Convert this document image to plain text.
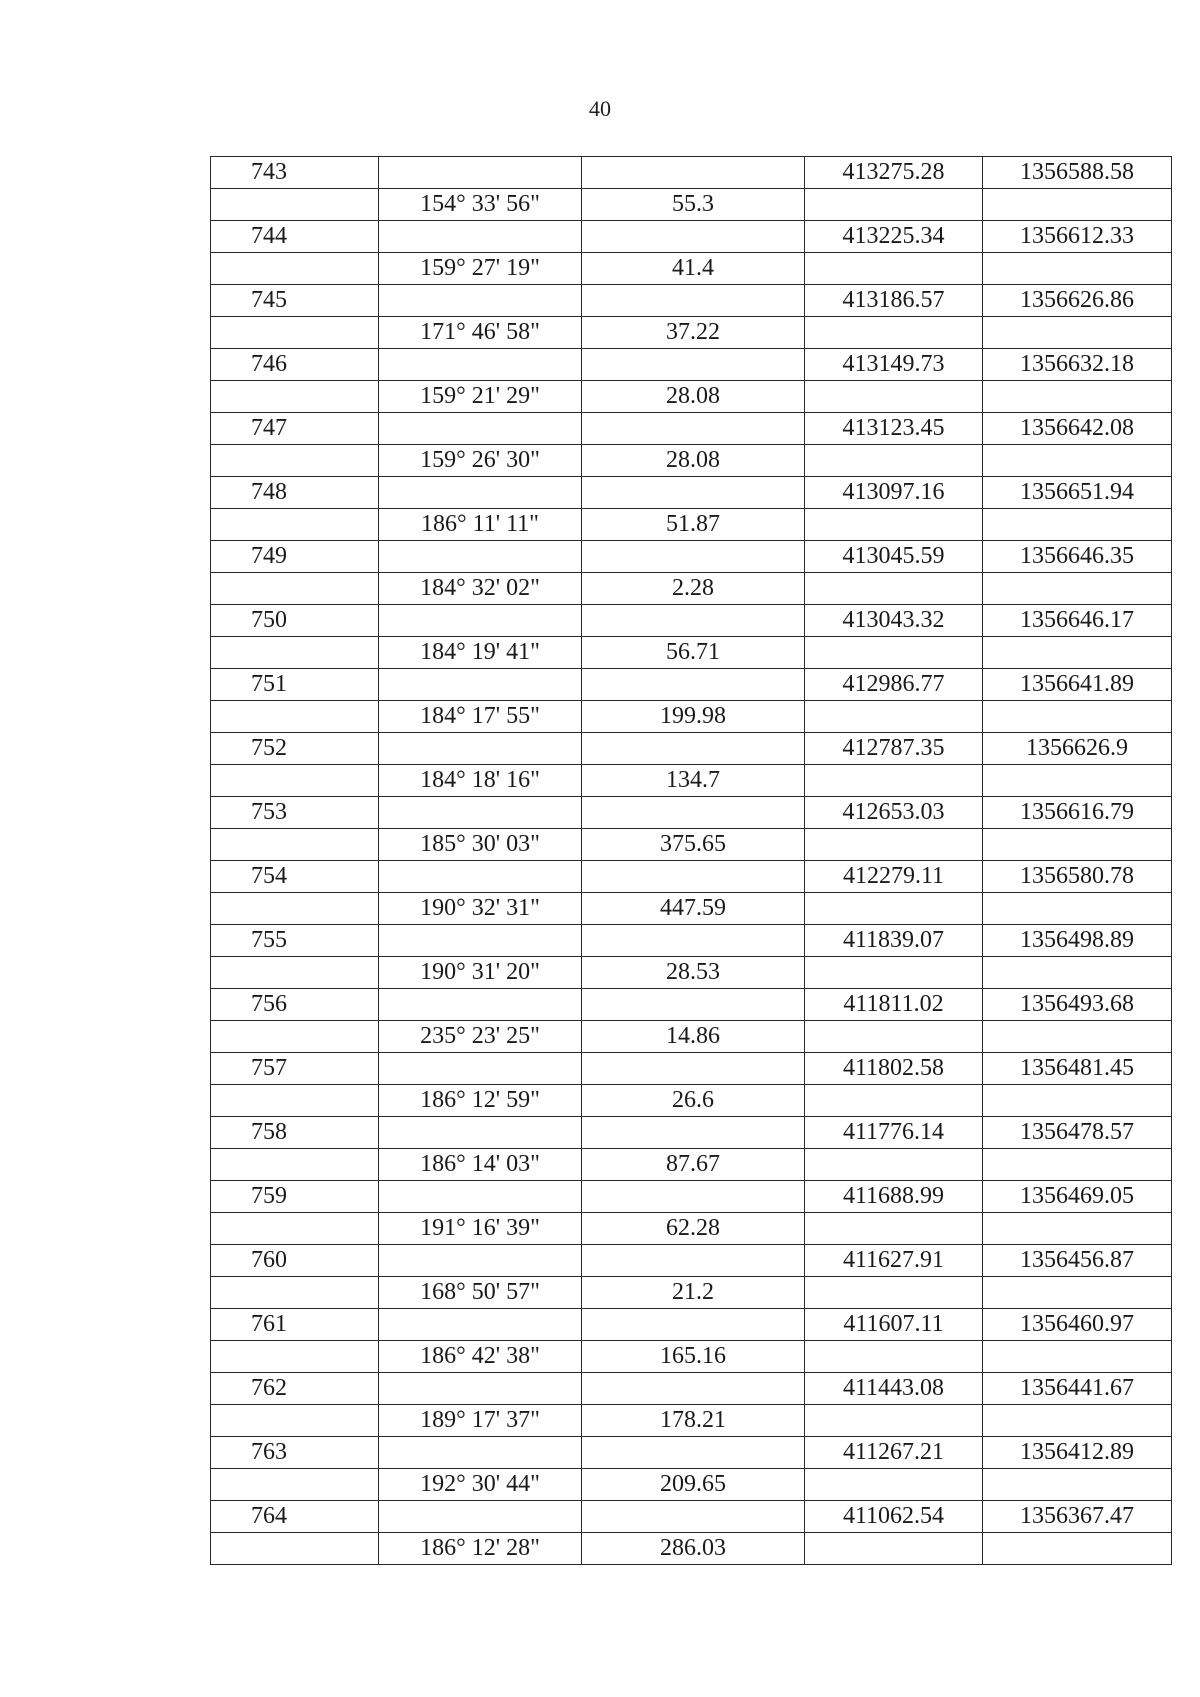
40
743			413275.28	1356588.58
	154° 33' 56"	55.3		
744			413225.34	1356612.33
	159° 27' 19"	41.4		
745			413186.57	1356626.86
	171° 46' 58"	37.22		
746			413149.73	1356632.18
	159° 21' 29"	28.08		
747			413123.45	1356642.08
	159° 26' 30"	28.08		
748			413097.16	1356651.94
	186° 11' 11"	51.87		
749			413045.59	1356646.35
	184° 32' 02"	2.28		
750			413043.32	1356646.17
	184° 19' 41"	56.71		
751			412986.77	1356641.89
	184° 17' 55"	199.98		
752			412787.35	1356626.9
	184° 18' 16"	134.7		
753			412653.03	1356616.79
	185° 30' 03"	375.65		
754			412279.11	1356580.78
	190° 32' 31"	447.59		
755			411839.07	1356498.89
	190° 31' 20"	28.53		
756			411811.02	1356493.68
	235° 23' 25"	14.86		
757			411802.58	1356481.45
	186° 12' 59"	26.6		
758			411776.14	1356478.57
	186° 14' 03"	87.67		
759			411688.99	1356469.05
	191° 16' 39"	62.28		
760			411627.91	1356456.87
	168° 50' 57"	21.2		
761			411607.11	1356460.97
	186° 42' 38"	165.16		
762			411443.08	1356441.67
	189° 17' 37"	178.21		
763			411267.21	1356412.89
	192° 30' 44"	209.65		
764			411062.54	1356367.47
	186° 12' 28"	286.03		
